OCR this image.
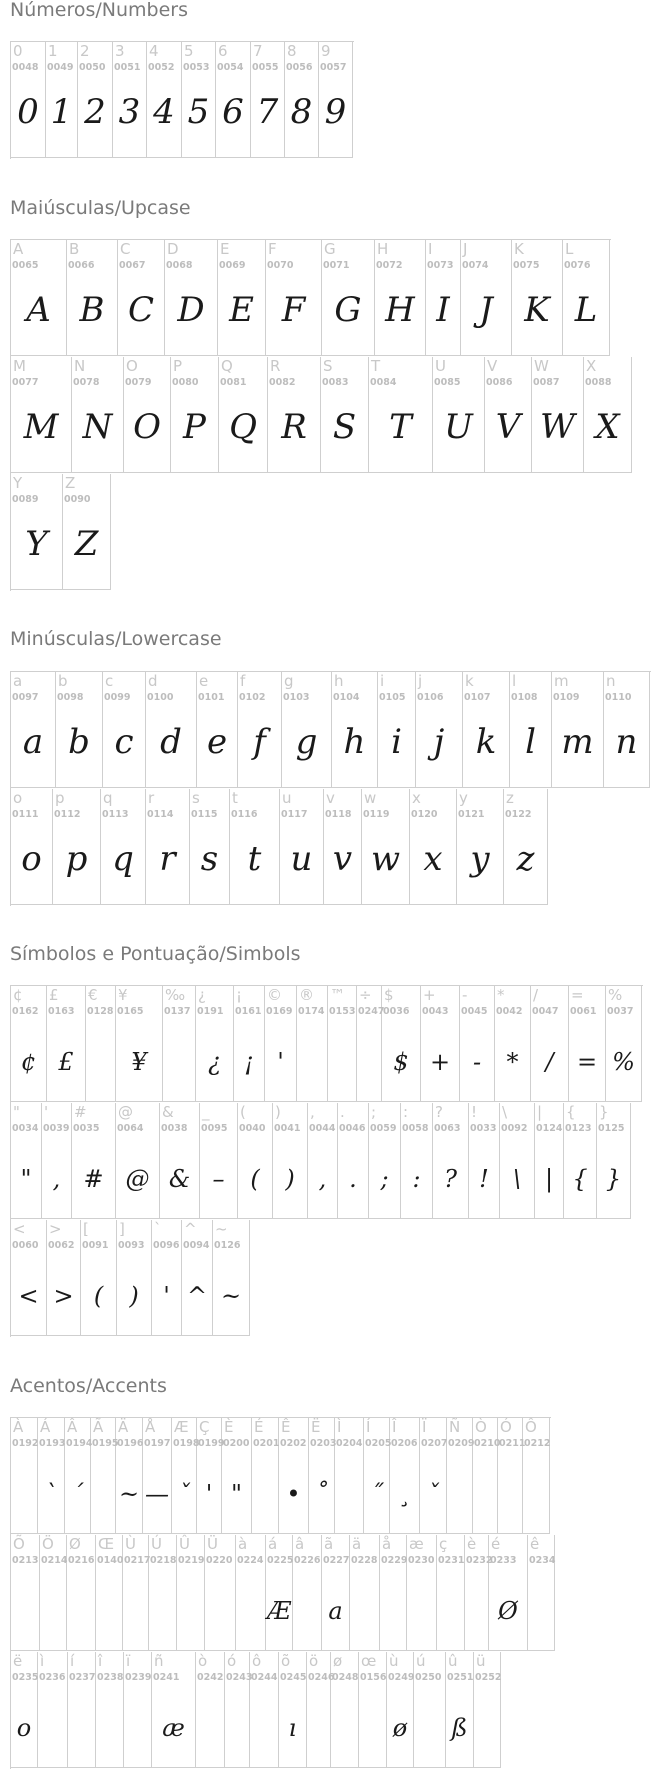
Números/Numbers
0
0048
0
1
0049
1
2
0050
2
3
0051
3
4
0052
4
5
0053
5
6
0054
6
7
0055
7
8
0056
8
9
0057
9
Maiúsculas/Upcase
A
0065
A
B
0066
B
C
0067
C
D
0068
D
E
0069
E
F
0070
F
G
0071
G
H
0072
H
I
0073
I
J
0074
J
K
0075
K
L
0076
L
M
0077
M
N
0078
N
O
0079
O
P
0080
P
Q
0081
Q
R
0082
R
S
0083
S
T
0084
T
U
0085
U
V
0086
V
W
0087
W
X
0088
X
Y
0089
Y
Z
0090
Z
Minúsculas/Lowercase
a
0097
a
b
0098
b
c
0099
c
d
0100
d
e
0101
e
f
0102
f
g
0103
g
h
0104
h
i
0105
i
j
0106
j
k
0107
k
l
0108
l
m
0109
m
n
0110
n
o
0111
o
p
0112
p
q
0113
q
r
0114
r
s
0115
s
t
0116
t
u
0117
u
v
0118
v
w
0119
w
x
0120
x
y
0121
y
z
0122
z
Símbolos e Pontuação/Simbols
¢
0162
¢
£
0163
£
€
0128
¥
0165
¥
‰
0137
¿
0191
¿
¡
0161
¡
©
0169
'
®
0174
™
0153
÷
0247
$
0036
$
+
0043
+
-
0045
-
*
0042
*
/
0047
/
=
0061
=
%
0037
%
"
0034
"
'
0039
,
#
0035
#
@
0064
@
&
0038
&
_
0095
–
(
0040
(
)
0041
)
,
0044
,
.
0046
.
;
0059
;
:
0058
:
?
0063
?
!
0033
!
\
0092
\
|
0124
|
{
0123
{
}
0125
}
<
0060
<
>
0062
>
[
0091
(
]
0093
)
`
0096
'
^
0094
^
~
0126
~
Acentos/Accents
À
0192
Á
0193
`
Â
0194
´
Ã
0195
Ä
0196
~
Å
0197
—
Æ
0198
ˇ
Ç
0199
'
È
0200
"
É
0201
Ê
0202
•
Ë
0203
˚
Ì
0204
Í
0205
˝
Î
0206
¸
Ï
0207
ˇ
Ñ
0209
Ò
0210
Ó
0211
Ô
0212
Õ
0213
Ö
0214
Ø
0216
Œ
0140
Ù
0217
Ú
0218
Û
0219
Ü
0220
à
0224
á
0225
Æ
â
0226
ã
0227
a
ä
0228
å
0229
æ
0230
ç
0231
è
0232
é
0233
Ø
ê
0234
ë
0235
o
ì
0236
í
0237
î
0238
ï
0239
ñ
0241
æ
ò
0242
ó
0243
ô
0244
õ
0245
ı
ö
0246
ø
0248
œ
0156
ù
0249
ø
ú
0250
û
0251
ß
ü
0252
